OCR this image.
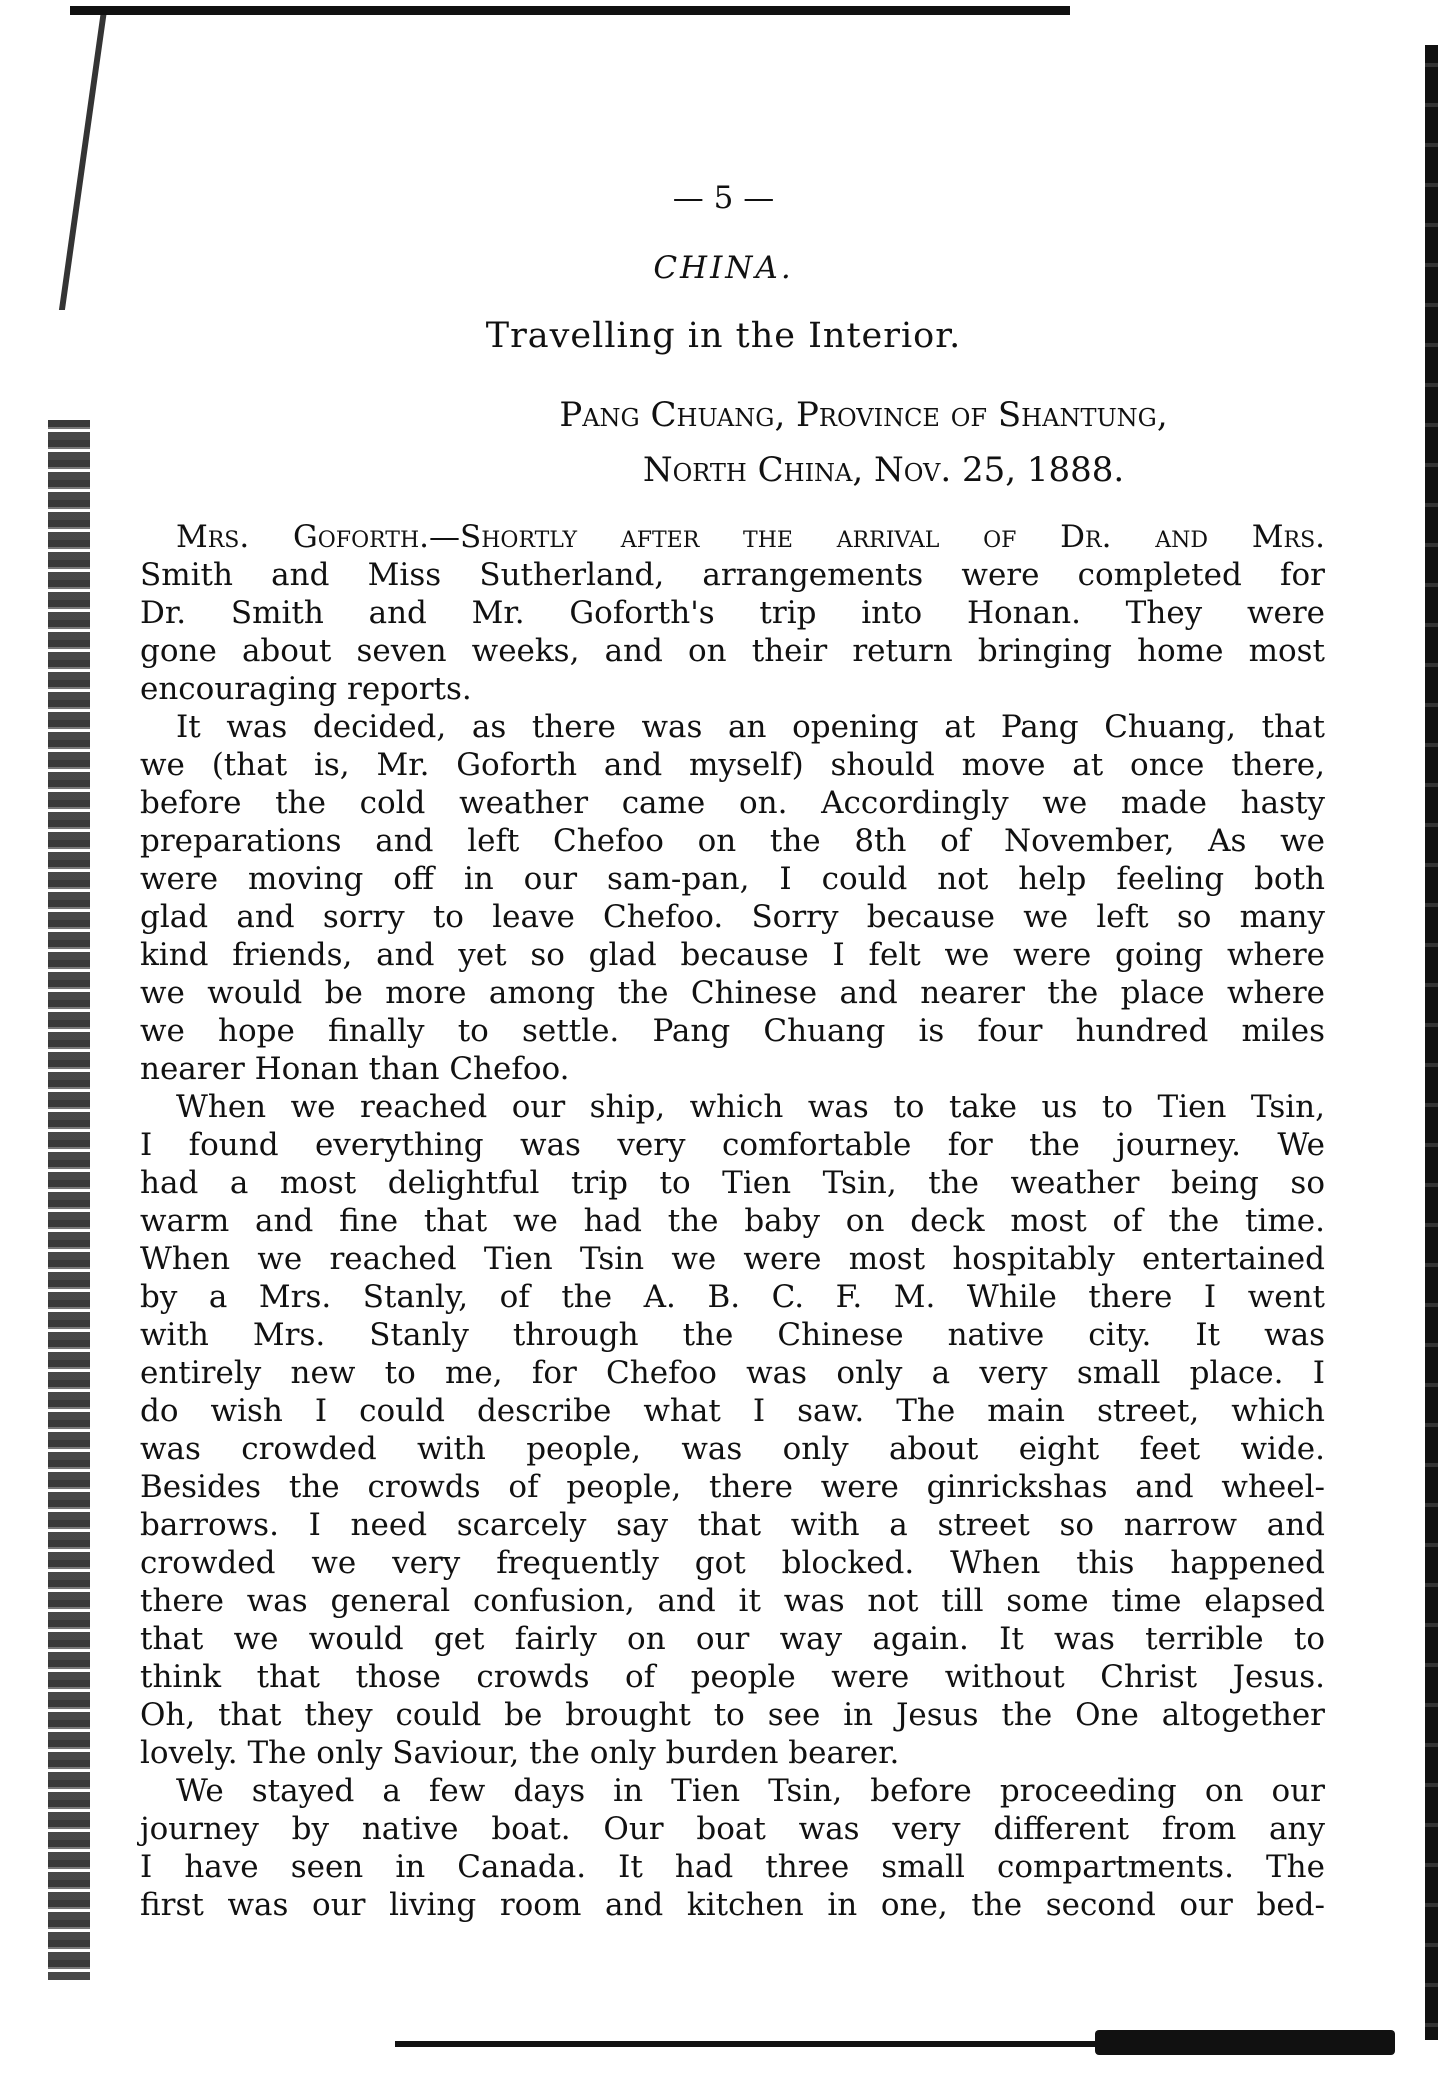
— 5 —
CHINA.
Travelling in the Interior.
Pang Chuang, Province of Shantung,
North China, Nov. 25, 1888.
Mrs. Goforth.—Shortly after the arrival of Dr. and Mrs.
Smith and Miss Sutherland, arrangements were completed for
Dr. Smith and Mr. Goforth's trip into Honan. They were
gone about seven weeks, and on their return bringing home most
encouraging reports.
It was decided, as there was an opening at Pang Chuang, that
we (that is, Mr. Goforth and myself) should move at once there,
before the cold weather came on. Accordingly we made hasty
preparations and left Chefoo on the 8th of November, As we
were moving off in our sam-pan, I could not help feeling both
glad and sorry to leave Chefoo. Sorry because we left so many
kind friends, and yet so glad because I felt we were going where
we would be more among the Chinese and nearer the place where
we hope finally to settle. Pang Chuang is four hundred miles
nearer Honan than Chefoo.
When we reached our ship, which was to take us to Tien Tsin,
I found everything was very comfortable for the journey. We
had a most delightful trip to Tien Tsin, the weather being so
warm and fine that we had the baby on deck most of the time.
When we reached Tien Tsin we were most hospitably entertained
by a Mrs. Stanly, of the A. B. C. F. M. While there I went
with Mrs. Stanly through the Chinese native city. It was
entirely new to me, for Chefoo was only a very small place. I
do wish I could describe what I saw. The main street, which
was crowded with people, was only about eight feet wide.
Besides the crowds of people, there were ginrickshas and wheel-
barrows. I need scarcely say that with a street so narrow and
crowded we very frequently got blocked. When this happened
there was general confusion, and it was not till some time elapsed
that we would get fairly on our way again. It was terrible to
think that those crowds of people were without Christ Jesus.
Oh, that they could be brought to see in Jesus the One altogether
lovely. The only Saviour, the only burden bearer.
We stayed a few days in Tien Tsin, before proceeding on our
journey by native boat. Our boat was very different from any
I have seen in Canada. It had three small compartments. The
first was our living room and kitchen in one, the second our bed-
